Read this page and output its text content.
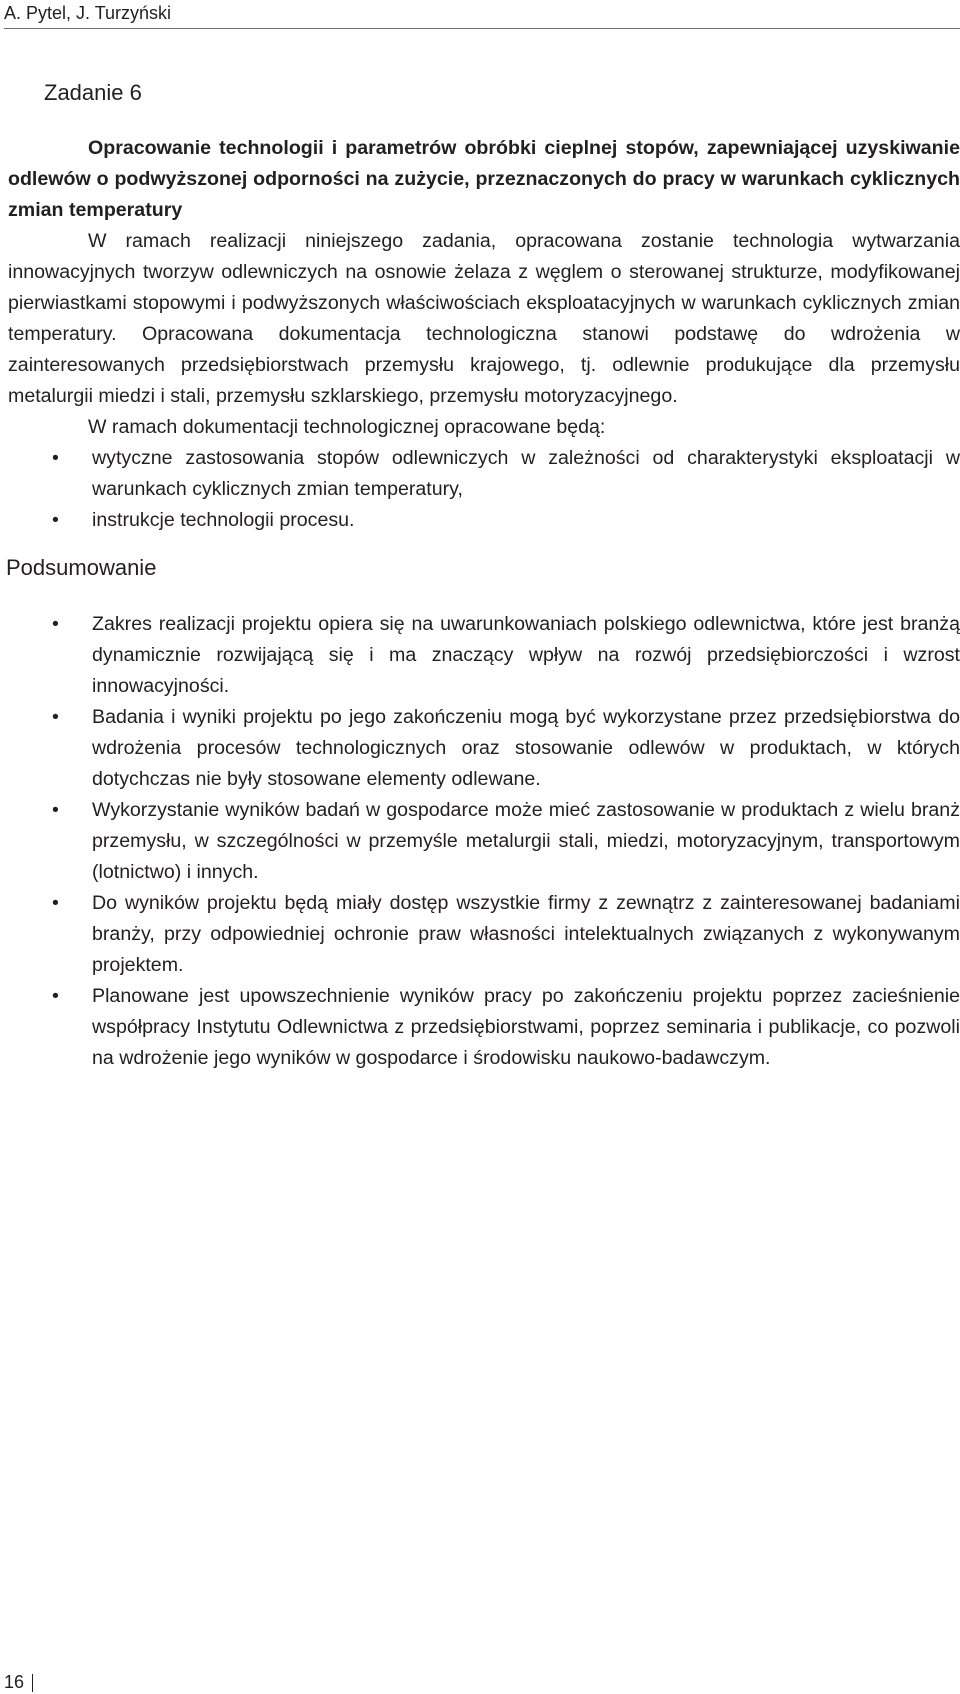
A. Pytel, J. Turzyński
Zadanie 6

Opracowanie technologii i parametrów obróbki cieplnej stopów, zapewniającej uzyskiwanie odlewów o podwyższonej odporności na zużycie, przeznaczonych do pracy w warunkach cyklicznych zmian temperatury

W ramach realizacji niniejszego zadania, opracowana zostanie technologia wytwarzania innowacyjnych tworzyw odlewniczych na osnowie żelaza z węglem o sterowanej strukturze, modyfikowanej pierwiastkami stopowymi i podwyższonych właściwościach eksploatacyjnych w warunkach cyklicznych zmian temperatury. Opracowana dokumentacja technologiczna stanowi podstawę do wdrożenia w zainteresowanych przedsiębiorstwach przemysłu krajowego, tj. odlewnie produkujące dla przemysłu metalurgii miedzi i stali, przemysłu szklarskiego, przemysłu motoryzacyjnego.

W ramach dokumentacji technologicznej opracowane będą:

• wytyczne zastosowania stopów odlewniczych w zależności od charakterystyki eksploatacji w warunkach cyklicznych zmian temperatury,
• instrukcje technologii procesu.
Podsumowanie
• Zakres realizacji projektu opiera się na uwarunkowaniach polskiego odlewnictwa, które jest branżą dynamicznie rozwijającą się i ma znaczący wpływ na rozwój przedsiębiorczości i wzrost innowacyjności.
• Badania i wyniki projektu po jego zakończeniu mogą być wykorzystane przez przedsiębiorstwa do wdrożenia procesów technologicznych oraz stosowanie odlewów w produktach, w których dotychczas nie były stosowane elementy odlewane.
• Wykorzystanie wyników badań w gospodarce może mieć zastosowanie w produktach z wielu branż przemysłu, w szczególności w przemyśle metalurgii stali, miedzi, motoryzacyjnym, transportowym (lotnictwo) i innych.
• Do wyników projektu będą miały dostęp wszystkie firmy z zewnątrz z zainteresowanej badaniami branży, przy odpowiedniej ochronie praw własności intelektualnych związanych z wykonywanym projektem.
• Planowane jest upowszechnienie wyników pracy po zakończeniu projektu poprzez zacieśnienie współpracy Instytutu Odlewnictwa z przedsiębiorstwami, poprzez seminaria i publikacje, co pozwoli na wdrożenie jego wyników w gospodarce i środowisku naukowo-badawczym.
16
